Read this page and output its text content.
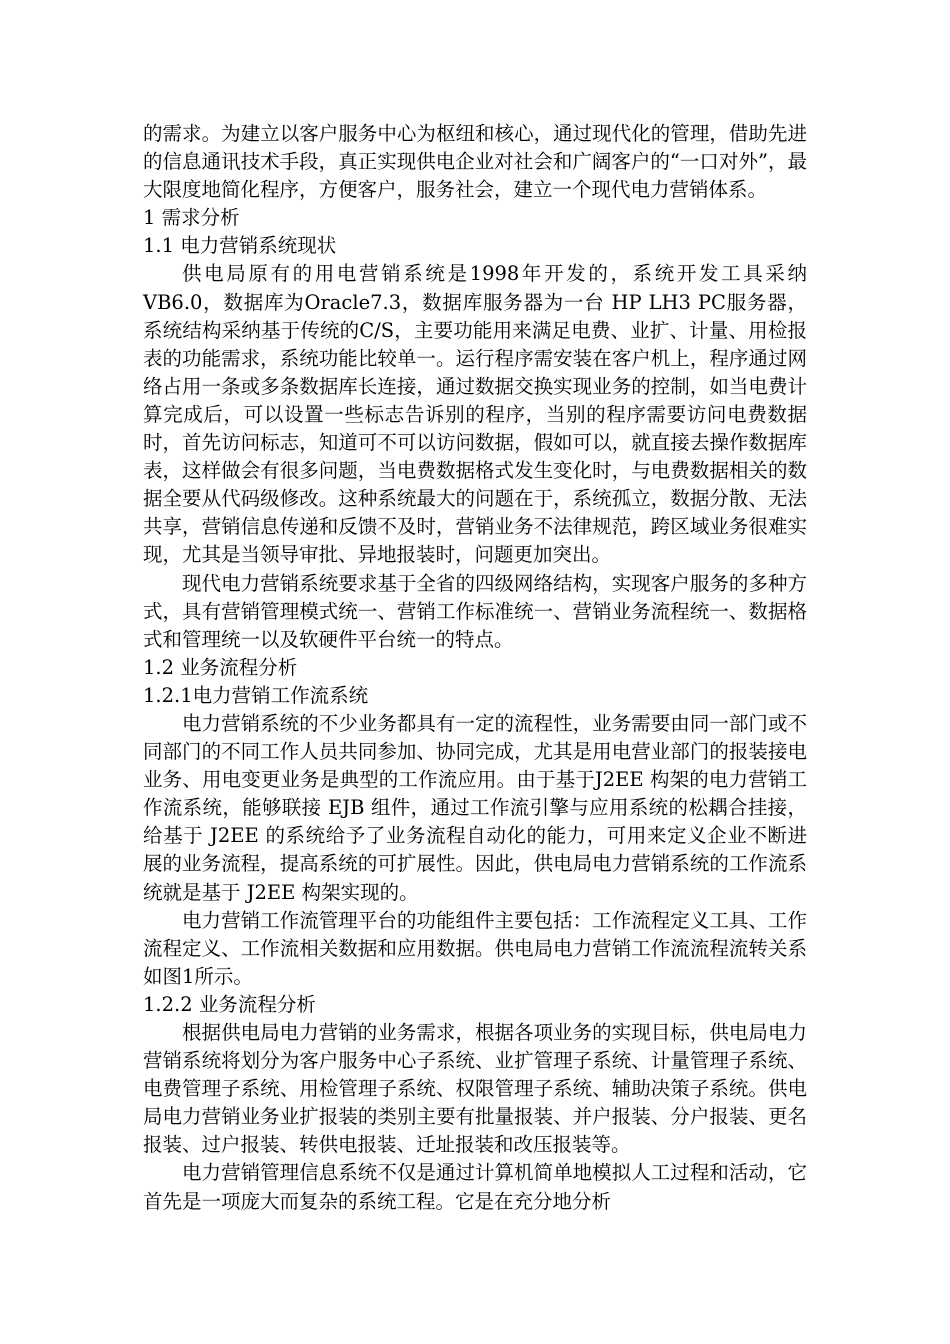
的需求。为建立以客户服务中心为枢纽和核心，通过现代化的管理，借助先进的信息通讯技术手段，真正实现供电企业对社会和广阔客户的“一口对外”，最大限度地简化程序，方便客户，服务社会，建立一个现代电力营销体系。

1 需求分析

1.1 电力营销系统现状

供电局原有的用电营销系统是1998年开发的，系统开发工具采纳VB6.0，数据库为Oracle7.3，数据库服务器为一台 HP LH3 PC服务器，系统结构采纳基于传统的C/S，主要功能用来满足电费、业扩、计量、用检报表的功能需求，系统功能比较单一。运行程序需安装在客户机上，程序通过网络占用一条或多条数据库长连接，通过数据交换实现业务的控制，如当电费计算完成后，可以设置一些标志告诉别的程序，当别的程序需要访问电费数据时，首先访问标志，知道可不可以访问数据，假如可以，就直接去操作数据库表，这样做会有很多问题，当电费数据格式发生变化时，与电费数据相关的数据全要从代码级修改。这种系统最大的问题在于，系统孤立，数据分散、无法共享，营销信息传递和反馈不及时，营销业务不法律规范，跨区域业务很难实现，尤其是当领导审批、异地报装时，问题更加突出。

现代电力营销系统要求基于全省的四级网络结构，实现客户服务的多种方式，具有营销管理模式统一、营销工作标准统一、营销业务流程统一、数据格式和管理统一以及软硬件平台统一的特点。

1.2 业务流程分析

1.2.1电力营销工作流系统

电力营销系统的不少业务都具有一定的流程性，业务需要由同一部门或不同部门的不同工作人员共同参加、协同完成，尤其是用电营业部门的报装接电业务、用电变更业务是典型的工作流应用。由于基于J2EE 构架的电力营销工作流系统，能够联接 EJB 组件，通过工作流引擎与应用系统的松耦合挂接，给基于 J2EE 的系统给予了业务流程自动化的能力，可用来定义企业不断进展的业务流程，提高系统的可扩展性。因此，供电局电力营销系统的工作流系统就是基于 J2EE 构架实现的。

电力营销工作流管理平台的功能组件主要包括：工作流程定义工具、工作流程定义、工作流相关数据和应用数据。供电局电力营销工作流流程流转关系如图1所示。

1.2.2 业务流程分析

根据供电局电力营销的业务需求，根据各项业务的实现目标，供电局电力营销系统将划分为客户服务中心子系统、业扩管理子系统、计量管理子系统、电费管理子系统、用检管理子系统、权限管理子系统、辅助决策子系统。供电局电力营销业务业扩报装的类别主要有批量报装、并户报装、分户报装、更名报装、过户报装、转供电报装、迁址报装和改压报装等。

电力营销管理信息系统不仅是通过计算机简单地模拟人工过程和活动，它首先是一项庞大而复杂的系统工程。它是在充分地分析
